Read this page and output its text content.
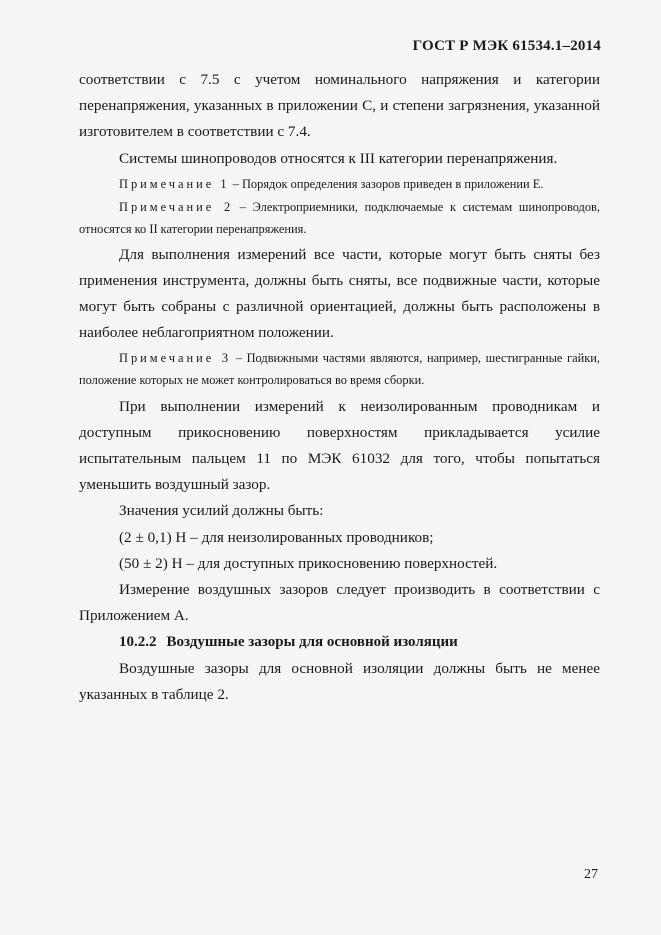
ГОСТ Р МЭК 61534.1–2014

соответствии с 7.5 с учетом номинального напряжения и категории перенапряжения, указанных в приложении С, и степени загрязнения, указанной изготовителем в соответствии с 7.4.

Системы шинопроводов относятся к III категории перенапряжения.

Примечание 1 – Порядок определения зазоров приведен в приложении Е.

Примечание 2 – Электроприемники, подключаемые к системам шинопроводов, относятся ко II категории перенапряжения.

Для выполнения измерений все части, которые могут быть сняты без применения инструмента, должны быть сняты, все подвижные части, которые могут быть собраны с различной ориентацией, должны быть расположены в наиболее неблагоприятном положении.

Примечание 3 – Подвижными частями являются, например, шестигранные гайки, положение которых не может контролироваться во время сборки.

При выполнении измерений к неизолированным проводникам и доступным прикосновению поверхностям прикладывается усилие испытательным пальцем 11 по МЭК 61032 для того, чтобы попытаться уменьшить воздушный зазор.

Значения усилий должны быть:

(2 ± 0,1) Н – для неизолированных проводников;

(50 ± 2) Н – для доступных прикосновению поверхностей.

Измерение воздушных зазоров следует производить в соответствии с Приложением А.

10.2.2 Воздушные зазоры для основной изоляции

Воздушные зазоры для основной изоляции должны быть не менее указанных в таблице 2.

27
